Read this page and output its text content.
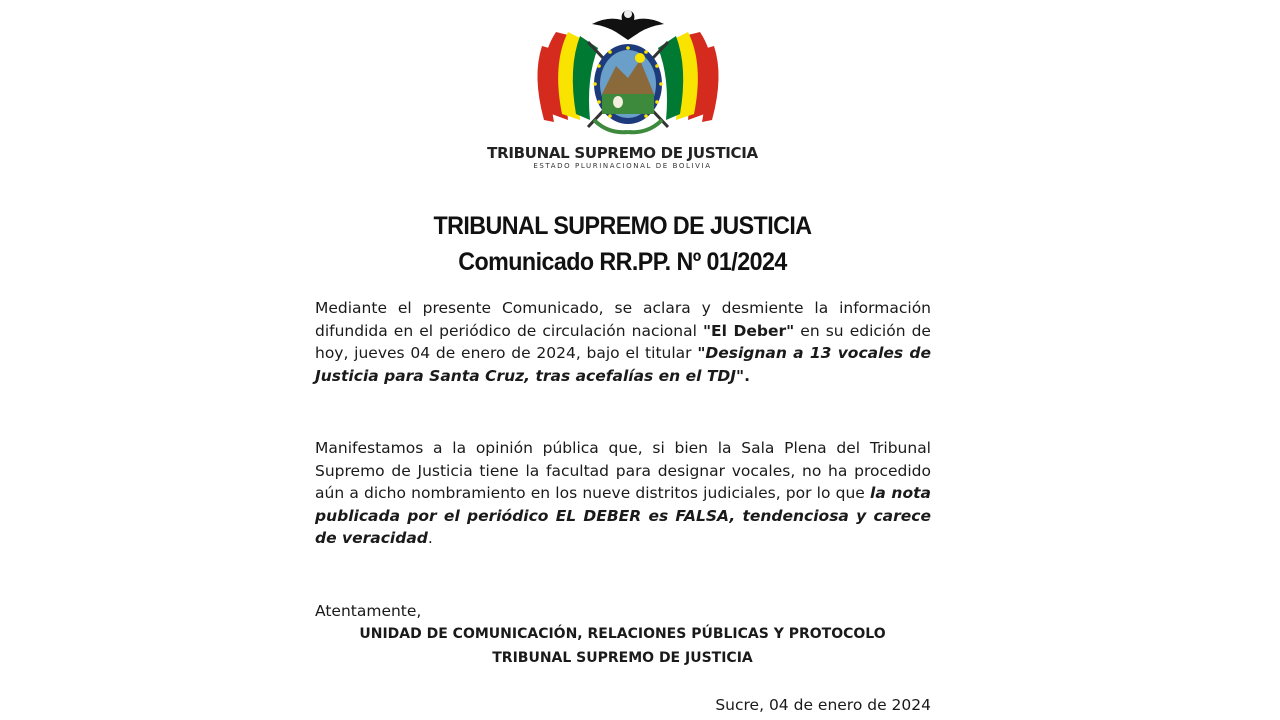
TRIBUNAL SUPREMO DE JUSTICIA
ESTADO PLURINACIONAL DE BOLIVIA
TRIBUNAL SUPREMO DE JUSTICIA
Comunicado RR.PP. Nº 01/2024
Mediante el presente Comunicado, se aclara y desmiente la información difundida en el periódico de circulación nacional "El Deber" en su edición de hoy, jueves 04 de enero de 2024, bajo el titular "Designan a 13 vocales de Justicia para Santa Cruz, tras acefalías en el TDJ".
Manifestamos a la opinión pública que, si bien la Sala Plena del Tribunal Supremo de Justicia tiene la facultad para designar vocales, no ha procedido aún a dicho nombramiento en los nueve distritos judiciales, por lo que la nota publicada por el periódico EL DEBER es FALSA, tendenciosa y carece de veracidad.
Atentamente,
UNIDAD DE COMUNICACIÓN, RELACIONES PÚBLICAS Y PROTOCOLO
TRIBUNAL SUPREMO DE JUSTICIA
Sucre, 04 de enero de 2024
